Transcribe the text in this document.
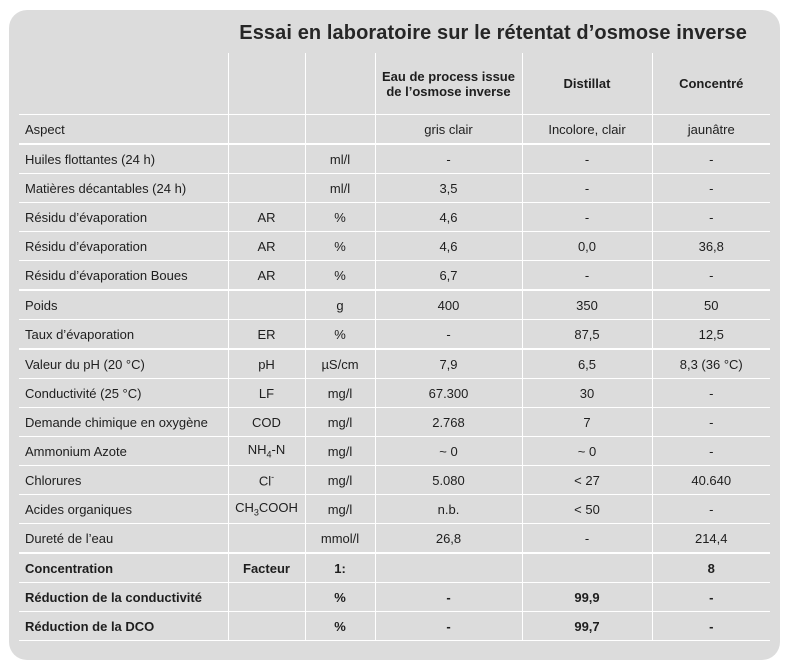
Essai en laboratoire sur le rétentat d’osmose inverse
			Eau de process issue de l’osmose inverse	Distillat	Concentré
Aspect			gris clair	Incolore, clair	jaunâtre
Huiles flottantes (24 h)		ml/l	-	-	-
Matières décantables (24 h)		ml/l	3,5	-	-
Résidu d’évaporation	AR	%	4,6	-	-
Résidu d’évaporation	AR	%	4,6	0,0	36,8
Résidu d’évaporation Boues	AR	%	6,7	-	-
Poids		g	400	350	50
Taux d’évaporation	ER	%	-	87,5	12,5
Valeur du pH (20 °C)	pH	µS/cm	7,9	6,5	8,3 (36 °C)
Conductivité (25 °C)	LF	mg/l	67.300	30	-
Demande chimique en oxygène	COD	mg/l	2.768	7	-
Ammonium Azote	$NH_4-N$	mg/l	~ 0	~ 0	-
Chlorures	Cl-	mg/l	5.080	< 27	40.640
Acides organiques	$CH_3COOH$	mg/l	n.b.	< 50	-
Dureté de l’eau		mmol/l	26,8	-	214,4
Concentration	Facteur	1:			8
Réduction de la conductivité		%	-	99,9	-
Réduction de la DCO		%	-	99,7	-
